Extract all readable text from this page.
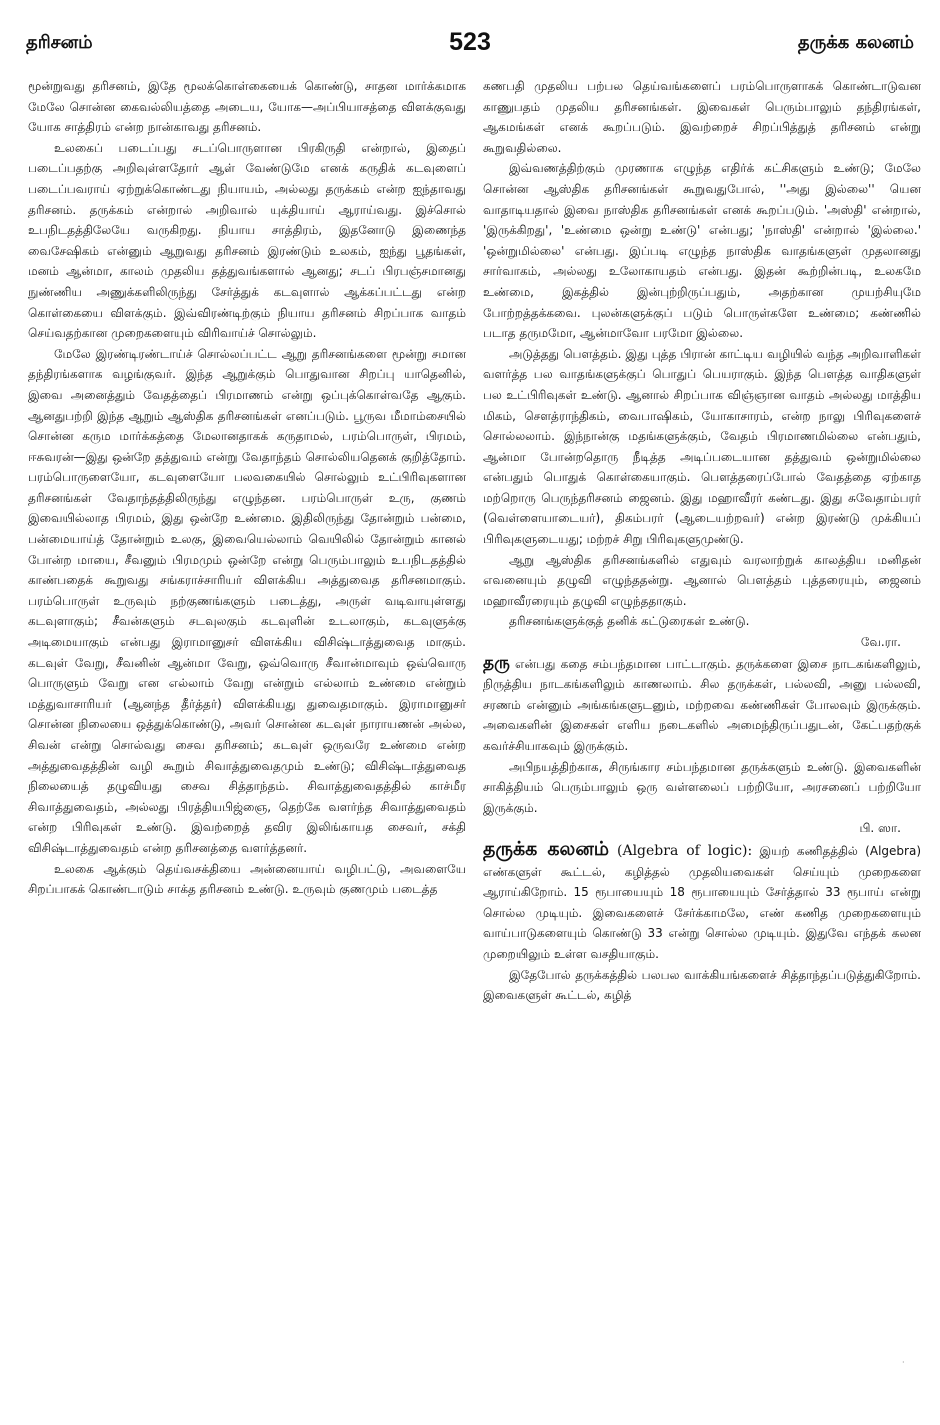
தரிசனம்	523	தருக்க கலனம்

மூன்றுவது தரிசனம், இதே மூலக்கொள்கையைக் கொண்டு, சாதன மார்க்கமாக மேலே சொன்ன கைவல்லியத்தை அடைய, யோக—அப்பியாசத்தை விளக்குவது யோக சாத்திரம் என்ற நான்காவது தரிசனம்.

உலகைப் படைப்பது சடப்பொருளான பிரகிருதி என்றால், இதைப் படைப்பதற்கு அறிவுள்ளதோர் ஆள் வேண்டுமே எனக் கருதிக் கடவுளைப் படைப்பவராய் ஏற்றுக்கொண்டது நியாயம், அல்லது தருக்கம் என்ற ஐந்தாவது தரிசனம். தருக்கம் என்றால் அறிவால் யுக்தியாய் ஆராய்வது. இச்சொல் உபநிடதத்திலேயே வருகிறது. நியாய சாத்திரம், இதனோடு இணைந்த வைசேஷிகம் என்னும் ஆறுவது தரிசனம் இரண்டும் உலகம், ஐந்து பூதங்கள், மனம் ஆன்மா, காலம் முதலிய தத்துவங்களால் ஆனது; சடப் பிரபஞ்சமானது நுண்ணிய அணுக்களிலிருந்து சேர்த்துக் கடவுளால் ஆக்கப்பட்டது என்ற கொள்கையை விளக்கும். இவ்விரண்டிற்கும் நியாய தரிசனம் சிறப்பாக வாதம் செய்வதற்கான முறைகளையும் விரிவாய்ச் சொல்லும்.

மேலே இரண்டிரண்டாய்ச் சொல்லப்பட்ட ஆறு தரிசனங்களை மூன்று சமான தந்திரங்களாக வழங்குவர். இந்த ஆறுக்கும் பொதுவான சிறப்பு யாதெனில், இவை அனைத்தும் வேதத்தைப் பிரமாணம் என்று ஒப்புக்கொள்வதே ஆகும். ஆனதுபற்றி இந்த ஆறும் ஆஸ்திக தரிசனங்கள் எனப்படும். பூருவ மீமாம்சையில் சொன்ன கரும மார்க்கத்தை மேலானதாகக் கருதாமல், பரம்பொருள், பிரமம், ஈசுவரன்—இது ஒன்றே தத்துவம் என்று வேதாந்தம் சொல்லியதெனக் குறித்தோம். பரம்பொருளையோ, கடவுளையோ பலவகையில் சொல்லும் உட்பிரிவுகளான தரிசனங்கள் வேதாந்தத்திலிருந்து எழுந்தன. பரம்பொருள் உரு, குணம் இவையில்லாத பிரமம், இது ஒன்றே உண்மை. இதிலிருந்து தோன்றும் பன்மை, பன்மையாய்த் தோன்றும் உலகு, இவையெல்லாம் வெயிலில் தோன்றும் கானல் போன்ற மாயை, சீவனும் பிரமமும் ஒன்றே என்று பெரும்பாலும் உபநிடதத்தில் காண்பதைக் கூறுவது சங்கராச்சாரியர் விளக்கிய அத்துவைத தரிசனமாகும். பரம்பொருள் உருவும் நற்குணங்களும் படைத்து, அருள் வடிவாயுள்ளது கடவுளாகும்; சீவன்களும் சடவுலகும் கடவுளின் உடலாகும், கடவுளுக்கு அடிமையாகும் என்பது இராமானுசர் விளக்கிய விசிஷ்டாத்துவைத மாகும். கடவுள் வேறு, சீவனின் ஆன்மா வேறு, ஒவ்வொரு சீவான்மாவும் ஒவ்வொரு பொருளும் வேறு என எல்லாம் வேறு என்றும் எல்லாம் உண்மை என்றும் மத்துவாசாரியர் (ஆனந்த தீர்த்தர்) விளக்கியது துவைதமாகும். இராமானுசர் சொன்ன நிலையை ஒத்துக்கொண்டு, அவர் சொன்ன கடவுள் நாராயணன் அல்ல, சிவன் என்று சொல்வது சைவ தரிசனம்; கடவுள் ஒருவரே உண்மை என்ற அத்துவைதத்தின் வழி கூறும் சிவாத்துவைதமும் உண்டு; விசிஷ்டாத்துவைத நிலையைத் தழுவியது சைவ சித்தாந்தம். சிவாத்துவைதத்தில் காச்மீர சிவாத்துவைதம், அல்லது பிரத்தியபிஜ்ஞை, தெற்கே வளர்ந்த சிவாத்துவைதம் என்ற பிரிவுகள் உண்டு. இவற்றைத் தவிர இலிங்காயத சைவர், சக்தி விசிஷ்டாத்துவைதம் என்ற தரிசனத்தை வளர்த்தனர்.

உலகை ஆக்கும் தெய்வசக்தியை அன்னையாய் வழிபட்டு, அவளையே சிறப்பாகக் கொண்டாடும் சாக்த தரிசனம் உண்டு. உருவும் குணமும் படைத்த

கணபதி முதலிய பற்பல தெய்வங்களைப் பரம்பொருளாகக் கொண்டாடுவன காணுபதம் முதலிய தரிசனங்கள். இவைகள் பெரும்பாலும் தந்திரங்கள், ஆகமங்கள் எனக் கூறப்படும். இவற்றைச் சிறப்பித்துத் தரிசனம் என்று கூறுவதில்லை.

இவ்வணத்திற்கும் முரணாக எழுந்த எதிர்க் கட்சிகளும் உண்டு; மேலே சொன்ன ஆஸ்திக தரிசனங்கள் கூறுவதுபோல், ''அது இல்லை'' யென வாதாடியதால் இவை நாஸ்திக தரிசனங்கள் எனக் கூறப்படும். 'அஸ்தி' என்றால், 'இருக்கிறது', 'உண்மை ஒன்று உண்டு' என்பது; 'நாஸ்தி' என்றால் 'இல்லை.' 'ஒன்றுமில்லை' என்பது. இப்படி எழுந்த நாஸ்திக வாதங்களுள் முதலானது சார்வாகம், அல்லது உலோகாயதம் என்பது. இதன் கூற்றின்படி, உலகமே உண்மை, இகத்தில் இன்புற்றிருப்பதும், அதற்கான முயற்சியுமே போற்றத்தக்கவை. புலன்களுக்குப் படும் பொருள்களே உண்மை; கண்ணில் படாத தருமமோ, ஆன்மாவோ பரமோ இல்லை.

அடுத்தது பௌத்தம். இது புத்த பிரான் காட்டிய வழியில் வந்த அறிவாளிகள் வளர்த்த பல வாதங்களுக்குப் பொதுப் பெயராகும். இந்த பௌத்த வாதிகளுள் பல உட்பிரிவுகள் உண்டு. ஆனால் சிறப்பாக விஞ்ஞான வாதம் அல்லது மாத்திய மிகம், சௌத்ராந்திகம், வைபாஷிகம், யோகாசாரம், என்ற நாலு பிரிவுகளைச் சொல்லலாம். இந்நான்கு மதங்களுக்கும், வேதம் பிரமாணமில்லை என்பதும், ஆன்மா போன்றதொரு நீடித்த அடிப்படையான தத்துவம் ஒன்றுமில்லை என்பதும் பொதுக் கொள்கையாகும். பௌத்தரைப்போல் வேதத்தை ஏற்காத மற்றொரு பெருந்தரிசனம் ஜைனம். இது மஹாவீரர் கண்டது. இது சுவேதாம்பரர் (வெள்ளையாடையர்), திகம்பரர் (ஆடையற்றவர்) என்ற இரண்டு முக்கியப் பிரிவுகளுடையது; மற்றச் சிறு பிரிவுகளுமுண்டு.

ஆறு ஆஸ்திக தரிசனங்களில் எதுவும் வரலாற்றுக் காலத்திய மனிதன் எவனையும் தழுவி எழுந்ததன்று. ஆனால் பௌத்தம் புத்தரையும், ஜைனம் மஹாவீரரையும் தழுவி எழுந்ததாகும்.

தரிசனங்களுக்குத் தனிக் கட்டுரைகள் உண்டு.
வே.ரா.

தரு என்பது கதை சம்பந்தமான பாட்டாகும். தருக்களை இசை நாடகங்களிலும், நிருத்திய நாடகங்களிலும் காணலாம். சில தருக்கள், பல்லவி, அனு பல்லவி, சரணம் என்னும் அங்கங்களுடனும், மற்றவை கண்ணிகள் போலவும் இருக்கும். அவைகளின் இசைகள் எளிய நடைகளில் அமைந்திருப்பதுடன், கேட்பதற்குக் கவர்ச்சியாகவும் இருக்கும்.

அபிநயத்திற்காக, சிருங்கார சம்பந்தமான தருக்களும் உண்டு. இவைகளின் சாகித்தியம் பெரும்பாலும் ஒரு வள்ளலைப் பற்றியோ, அரசனைப் பற்றியோ இருக்கும்.
பி. ஸா.

தருக்க கலனம் (Algebra of logic): இயற் கணிதத்தில் (Algebra) எண்களுள் கூட்டல், கழித்தல் முதலியவைகள் செய்யும் முறைகளை ஆராய்கிறோம். 15 ரூபாயையும் 18 ரூபாயையும் சேர்த்தால் 33 ரூபாய் என்று சொல்ல முடியும். இவைகளைச் சேர்க்காமலே, எண் கணித முறைகளையும் வாய்பாடுகளையும் கொண்டு 33 என்று சொல்ல முடியும். இதுவே எந்தக் கலன முறையிலும் உள்ள வசதியாகும்.

இதேபோல் தருக்கத்தில் பலபல வாக்கியங்களைச் சித்தாந்தப்படுத்துகிறோம். இவைகளுள் கூட்டல், கழித்

·
